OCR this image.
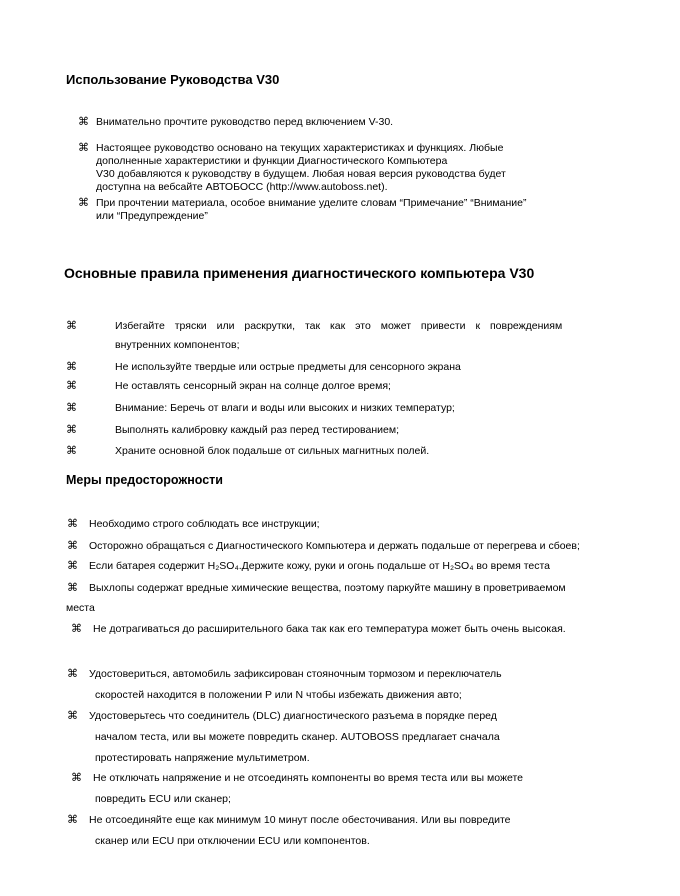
Использование Руководства V30
⌘ Внимательно прочтите руководство перед включением V-30.
⌘ Настоящее руководство основано на текущих характеристиках и функциях. Любые
дополненные характеристики и функции Диагностического Компьютера
V30 добавляются к руководству в будущем. Любая новая версия руководства будет
доступна на вебсайте АВТОБОСС (http://www.autoboss.net).
⌘ При прочтении материала, особое внимание уделите словам “Примечание” “Внимание”
или “Предупреждение”
Основные правила применения диагностического компьютера V30
⌘	Избегайте тряски или раскрутки, так как это может привести к повреждениям
внутренних компонентов;
⌘	Не используйте твердые или острые предметы для сенсорного экрана
⌘	Не оставлять сенсорный экран на солнце долгое время;
⌘	Внимание: Беречь от влаги и воды или высоких и низких температур;
⌘	Выполнять калибровку каждый раз перед тестированием;
⌘	Храните основной блок подальше от сильных магнитных полей.
Меры предосторожности
⌘ Необходимо строго соблюдать все инструкции;
⌘ Осторожно обращаться с Диагностического Компьютера и держать подальше от перегрева и сбоев;
⌘ Если батарея содержит H₂SO₄.Держите кожу, руки и огонь подальше от H₂SO₄ во время теста
⌘ Выхлопы содержат вредные химические вещества, поэтому паркуйте машину в проветриваемом
места
⌘ Не дотрагиваться до расширительного бака так как его температура может быть очень высокая.
⌘ Удостовериться, автомобиль зафиксирован стояночным тормозом и переключатель
скоростей находится в положении P или N чтобы избежать движения авто;
⌘ Удостоверьтесь что соединитель (DLC) диагностического разъема в порядке перед
началом теста, или вы можете повредить сканер. AUTOBOSS предлагает сначала
протестировать напряжение мультиметром.
⌘ Не отключать напряжение и не отсоединять компоненты во время теста или вы можете
повредить ECU или сканер;
⌘ Не отсоединяйте еще как минимум 10 минут после обесточивания. Или вы повредите
сканер или ECU при отключении ECU или компонентов.
